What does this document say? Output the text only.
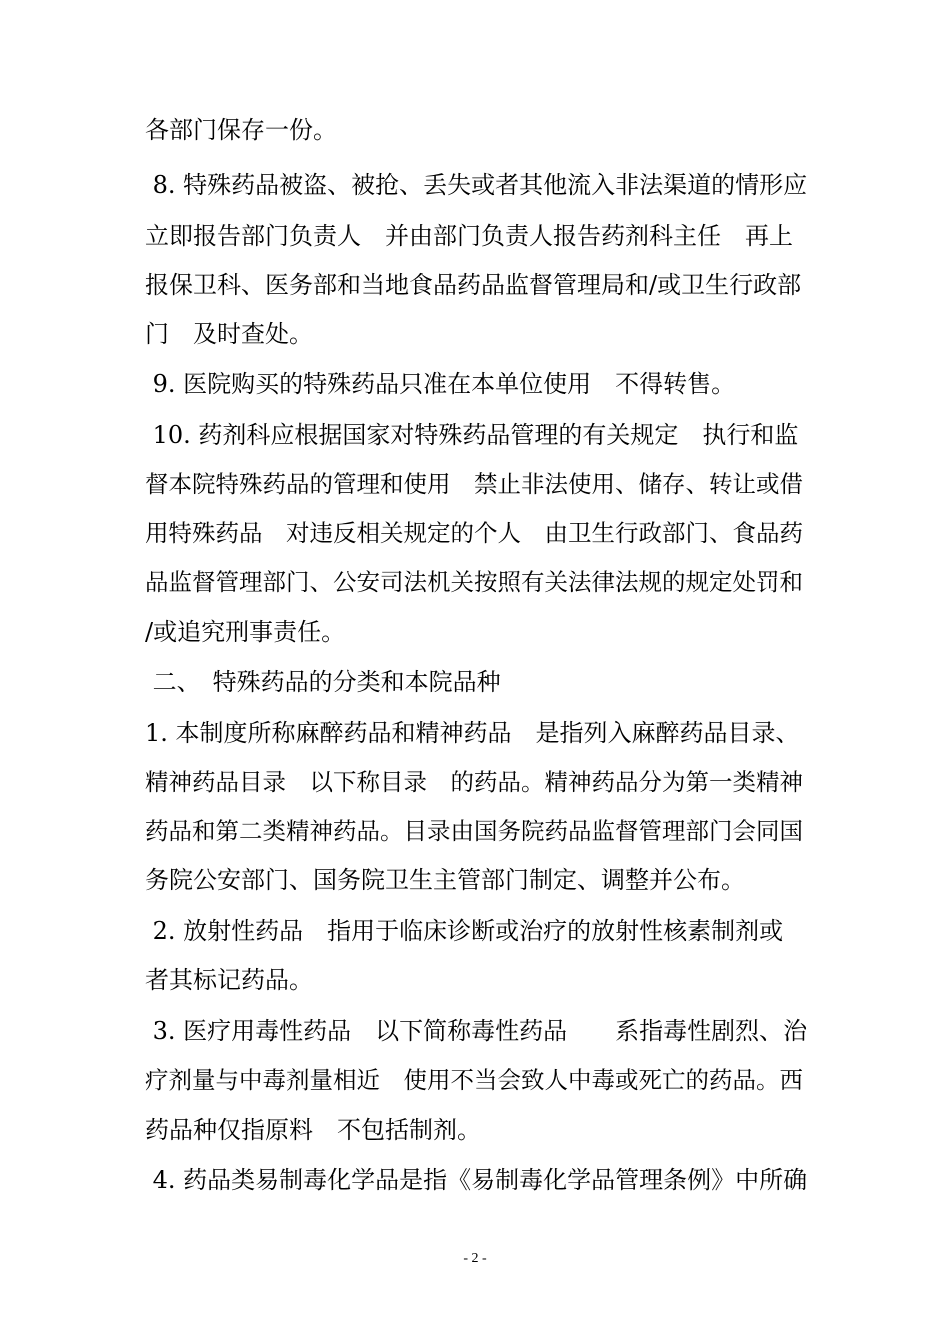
各部门保存一份。
8. 特殊药品被盗、被抢、丢失或者其他流入非法渠道的情形应
立即报告部门负责人　并由部门负责人报告药剂科主任　再上
报保卫科、医务部和当地食品药品监督管理局和/或卫生行政部
门　及时查处。
9. 医院购买的特殊药品只准在本单位使用　不得转售。
10. 药剂科应根据国家对特殊药品管理的有关规定　执行和监
督本院特殊药品的管理和使用　禁止非法使用、储存、转让或借
用特殊药品　对违反相关规定的个人　由卫生行政部门、食品药
品监督管理部门、公安司法机关按照有关法律法规的规定处罚和
/或追究刑事责任。
二、　特殊药品的分类和本院品种
1. 本制度所称麻醉药品和精神药品　是指列入麻醉药品目录、
精神药品目录　以下称目录　的药品。精神药品分为第一类精神
药品和第二类精神药品。目录由国务院药品监督管理部门会同国
务院公安部门、国务院卫生主管部门制定、调整并公布。
2. 放射性药品　指用于临床诊断或治疗的放射性核素制剂或
者其标记药品。
3. 医疗用毒性药品　以下简称毒性药品　　系指毒性剧烈、治
疗剂量与中毒剂量相近　使用不当会致人中毒或死亡的药品。西
药品种仅指原料　不包括制剂。
4. 药品类易制毒化学品是指《易制毒化学品管理条例》中所确
- 2 -
